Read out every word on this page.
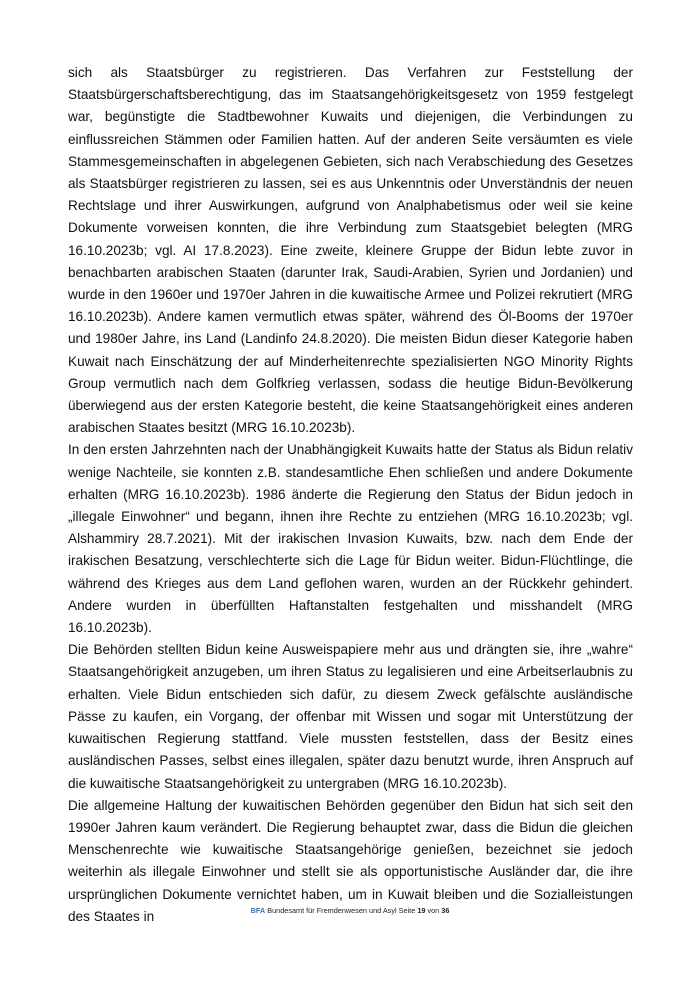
sich als Staatsbürger zu registrieren. Das Verfahren zur Feststellung der Staatsbürgerschaftsberechtigung, das im Staatsangehörigkeitsgesetz von 1959 festgelegt war, begünstigte die Stadtbewohner Kuwaits und diejenigen, die Verbindungen zu einflussreichen Stämmen oder Familien hatten. Auf der anderen Seite versäumten es viele Stammesgemeinschaften in abgelegenen Gebieten, sich nach Verabschiedung des Gesetzes als Staatsbürger registrieren zu lassen, sei es aus Unkenntnis oder Unverständnis der neuen Rechtslage und ihrer Auswirkungen, aufgrund von Analphabetismus oder weil sie keine Dokumente vorweisen konnten, die ihre Verbindung zum Staatsgebiet belegten (MRG 16.10.2023b; vgl. AI 17.8.2023). Eine zweite, kleinere Gruppe der Bidun lebte zuvor in benachbarten arabischen Staaten (darunter Irak, Saudi-Arabien, Syrien und Jordanien) und wurde in den 1960er und 1970er Jahren in die kuwaitische Armee und Polizei rekrutiert (MRG 16.10.2023b). Andere kamen vermutlich etwas später, während des Öl-Booms der 1970er und 1980er Jahre, ins Land (Landinfo 24.8.2020). Die meisten Bidun dieser Kategorie haben Kuwait nach Einschätzung der auf Minderheitenrechte spezialisierten NGO Minority Rights Group vermutlich nach dem Golfkrieg verlassen, sodass die heutige Bidun-Bevölkerung überwiegend aus der ersten Kategorie besteht, die keine Staatsangehörigkeit eines anderen arabischen Staates besitzt (MRG 16.10.2023b).

In den ersten Jahrzehnten nach der Unabhängigkeit Kuwaits hatte der Status als Bidun relativ wenige Nachteile, sie konnten z.B. standesamtliche Ehen schließen und andere Dokumente erhalten (MRG 16.10.2023b). 1986 änderte die Regierung den Status der Bidun jedoch in „illegale Einwohner“ und begann, ihnen ihre Rechte zu entziehen (MRG 16.10.2023b; vgl. Alshammiry 28.7.2021). Mit der irakischen Invasion Kuwaits, bzw. nach dem Ende der irakischen Besatzung, verschlechterte sich die Lage für Bidun weiter. Bidun-Flüchtlinge, die während des Krieges aus dem Land geflohen waren, wurden an der Rückkehr gehindert. Andere wurden in überfüllten Haftanstalten festgehalten und misshandelt (MRG 16.10.2023b).

Die Behörden stellten Bidun keine Ausweispapiere mehr aus und drängten sie, ihre „wahre“ Staatsangehörigkeit anzugeben, um ihren Status zu legalisieren und eine Arbeitserlaubnis zu erhalten. Viele Bidun entschieden sich dafür, zu diesem Zweck gefälschte ausländische Pässe zu kaufen, ein Vorgang, der offenbar mit Wissen und sogar mit Unterstützung der kuwaitischen Regierung stattfand. Viele mussten feststellen, dass der Besitz eines ausländischen Passes, selbst eines illegalen, später dazu benutzt wurde, ihren Anspruch auf die kuwaitische Staatsangehörigkeit zu untergraben (MRG 16.10.2023b).

Die allgemeine Haltung der kuwaitischen Behörden gegenüber den Bidun hat sich seit den 1990er Jahren kaum verändert. Die Regierung behauptet zwar, dass die Bidun die gleichen Menschenrechte wie kuwaitische Staatsangehörige genießen, bezeichnet sie jedoch weiterhin als illegale Einwohner und stellt sie als opportunistische Ausländer dar, die ihre ursprünglichen Dokumente vernichtet haben, um in Kuwait bleiben und die Sozialleistungen des Staates in	BFA Bundesamt für Fremdenwesen und Asyl Seite 19 von 36
